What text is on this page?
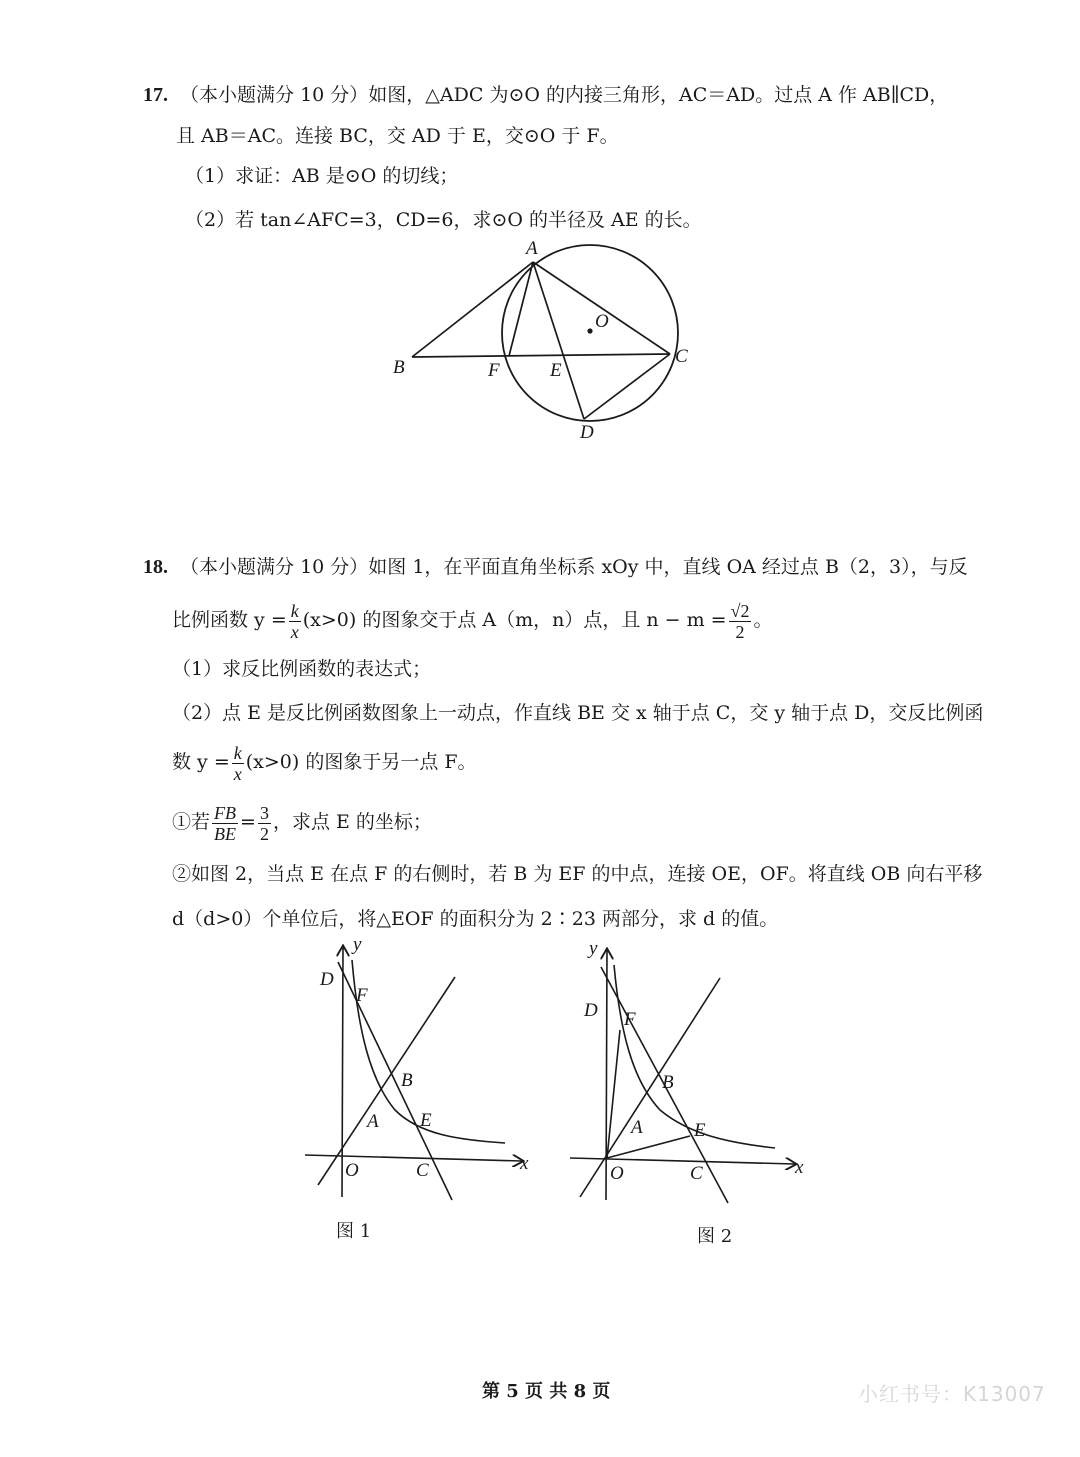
17. （本小题满分 10 分）如图，△ADC 为⊙O 的内接三角形，AC＝AD。过点 A 作 AB∥CD，
且 AB＝AC。连接 BC，交 AD 于 E，交⊙O 于 F。
（1）求证：AB 是⊙O 的切线；
（2）若 tan∠AFC=3，CD=6，求⊙O 的半径及 AE 的长。
A
O
B	F	E
C
D
18. （本小题满分 10 分）如图 1，在平面直角坐标系 xOy 中，直线 OA 经过点 B（2，3），与反
比例函数 $y = \frac{k}{x} (x>0)$ 的图象交于点 A（m，n）点，且 $n - m = \frac{√2}{2}$ 。
（1）求反比例函数的表达式；
（2）点 E 是反比例函数图象上一动点，作直线 BE 交 x 轴于点 C，交 y 轴于点 D，交反比例函
数 $y = \frac{k}{x} (x>0)$ 的图象于另一点 F。
①若 $\frac{FB}{BE} = \frac{3}{2}$ ，求点 E 的坐标；
②如图 2，当点 E 在点 F 的右侧时，若 B 为 EF 的中点，连接 OE，OF。将直线 OB 向右平移
d（d>0）个单位后，将△EOF 的面积分为 2∶23 两部分，求 d 的值。
y
x
D
F
B
A E
O	C
图 1
y
x
D F
B
A	E
O	C
图 2
第 5 页 共 8 页	小红书号：K13007
